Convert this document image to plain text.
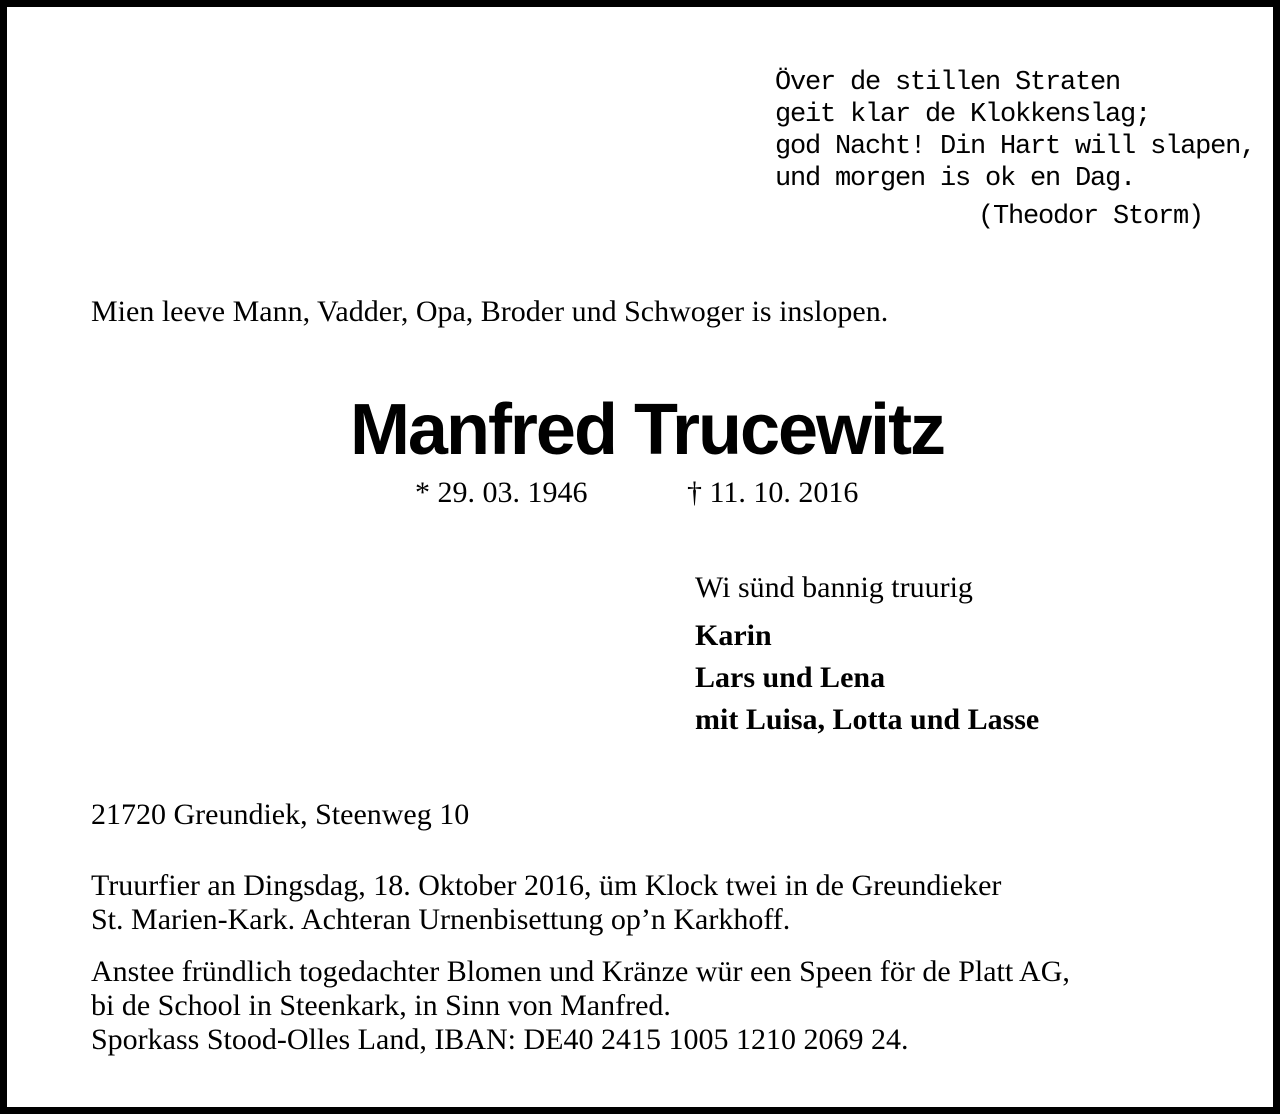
Över de stillen Straten
geit klar de Klokkenslag;
god Nacht! Din Hart will slapen,
und morgen is ok en Dag.
(Theodor Storm)
Mien leeve Mann, Vadder, Opa, Broder und Schwoger is inslopen.
Manfred Trucewitz
* 29. 03. 1946	† 11. 10. 2016
Wi sünd bannig truurig
Karin
Lars und Lena
mit Luisa, Lotta und Lasse
21720 Greundiek, Steenweg 10
Truurfier an Dingsdag, 18. Oktober 2016, üm Klock twei in de Greundieker
St. Marien-Kark. Achteran Urnenbisettung op’n Karkhoff.
Anstee fründlich togedachter Blomen und Kränze wür een Speen för de Platt AG,
bi de School in Steenkark, in Sinn von Manfred.
Sporkass Stood-Olles Land, IBAN: DE40 2415 1005 1210 2069 24.
